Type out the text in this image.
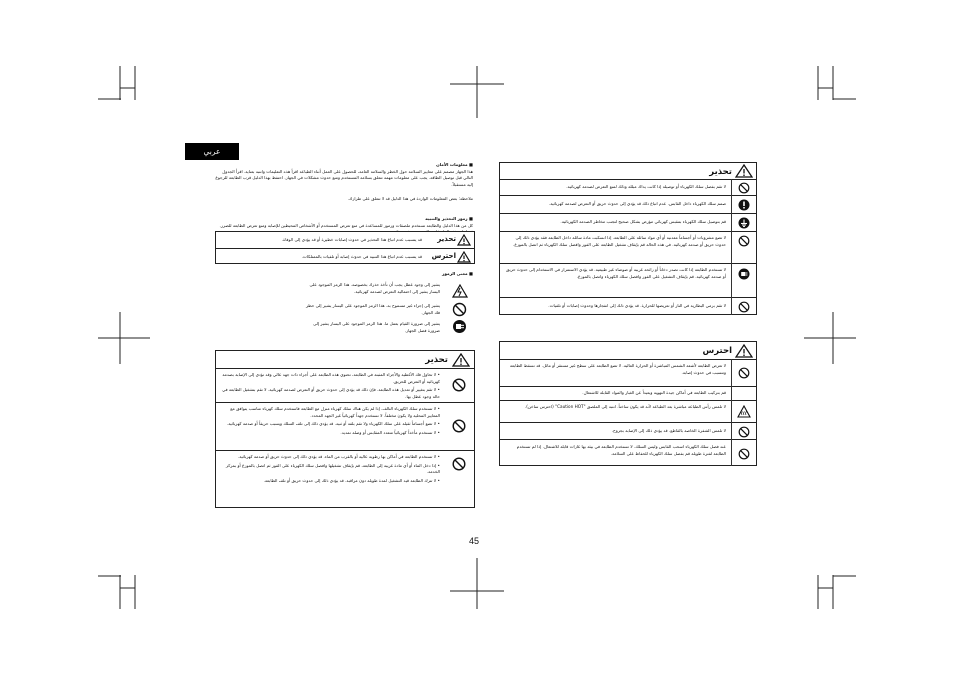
عربي
■ معلومات الأمان
هذا الجهاز مصمم على معايير السلامة حول الخطر والسلامة العامة، للحصول على العمل أثناء الطباعة اقرأ هذه التعليمات وانتبه بعناية. اقرأ الجدول التالي قبل توصيل الطاقة. يجب على معلومات مهمة تتعلق بسلامة المستخدم ومنع حدوث مشكلات في الجهاز. احتفظ بهذا الدليل قرب الطابعة للرجوع إليه مستقبلاً.
ملاحظة: بعض المعلومات الواردة في هذا الدليل قد لا تتعلق على طرازك.
■ رموز التحذير والتنبيه
كل من هذا الدليل والطابعة تستخدم ملصقات ورموز للمساعدة في منع تعرض المستخدم أو الأشخاص المحيطين للإصابة ومنع تعرض الطابعة للضرر.
قد يتسبب عدم اتباع هذا التحذير في حدوث إصابات خطيرة أو قد يؤدي إلى الوفاة. تحذير
قد يتسبب عدم اتباع هذا التنبيه في حدوث إصابة أو تلفيات بالممتلكات. احترس
■ معنى الرموز
يشير إلى وجود عطل يجب أن تأخذ حذرك بخصوصه. هذا الرمز الموجود على اليسار يشير إلى احتمالية التعرض لصدمة كهربائية.
يشير إلى إجراء غير مسموح به. هذا الرمز الموجود على اليسار يشير إلى حظر فك الجهاز.
يشير إلى ضرورة القيام بعمل ما. هذا الرمز الموجود على اليسار يشير إلى ضرورة فصل الجهاز.
تحذير
• لا تحاول فك الأغطية والأجزاء المثبتة في الطابعة، تحتوي هذه الطابعة على أجزاء ذات جهد عالي وقد تؤدي إلى الإصابة بصدمة كهربائية أو التعرض للحريق.
• لا تقم بتغيير أو تعديل هذه الطابعة. فإن ذلك قد يؤدي إلى حدوث حريق أو التعرض لصدمة كهربائية. لا تقم بتشغيل الطابعة في حالة وجود عطل بها.
• لا تستخدم سلك الكهرباء التالف. إذا لم يكن هناك سلك كهرباء منزل مع الطابعة فاستخدم سلك كهرباء مناسب يتوافق مع المعايير المحلية ولا يكون مختلفاً. لا تستخدم جهداً كهربائياً غير الجهد المحدد.
• لا تضع أجساماً ثقيلة على سلك الكهرباء ولا تقم بلفه أو ثنيه. قد يؤدي ذلك إلى تلف السلك ويسبب حريقاً أو صدمة كهربائية.
• لا تستخدم مأخذاً كهربائياً متعدد المقابس أو وصلة تمديد.
• لا تستخدم الطابعة في أماكن بها رطوبة عالية أو بالقرب من الماء. قد يؤدي ذلك إلى حدوث حريق أو صدمة كهربائية.
• إذا دخل الماء أو أي مادة غريبة إلى الطابعة، قم بإيقاف تشغيلها وافصل سلك الكهرباء على الفور ثم اتصل بالموزع أو بمركز الخدمة.
• لا تترك الطابعة قيد التشغيل لمدة طويلة دون مراقبة. قد يؤدي ذلك إلى حدوث حريق أو تلف الطابعة.
تحذير
لا تقم بفصل سلك الكهرباء أو توصيله إذا كانت يداك مبللة وذلك لمنع التعرض لصدمة كهربائية.
صمم سلك الكهرباء داخل القابس. عدم اتباع ذلك قد يؤدي إلى حدوث حريق أو التعرض لصدمة كهربائية.
قم بتوصيل سلك الكهرباء بمقبس كهربائي مؤرض بشكل صحيح لتجنب مخاطر الصدمة الكهربائية.
لا تضع مشروبات أو أجساماً معدنية أو أي مواد سائلة على الطابعة. إذا انسكبت مادة سائلة داخل الطابعة فقد يؤدي ذلك إلى حدوث حريق أو صدمة كهربائية. في هذه الحالة قم بإيقاف تشغيل الطابعة على الفور وافصل سلك الكهرباء ثم اتصل بالموزع.
لا تستخدم الطابعة إذا كانت تصدر دخاناً أو رائحة غريبة أو ضوضاء غير طبيعية. قد يؤدي الاستمرار في الاستخدام إلى حدوث حريق أو صدمة كهربائية. قم بإيقاف التشغيل على الفور وافصل سلك الكهرباء واتصل بالموزع.
لا تقم برمي البطارية في النار أو تعريضها للحرارة. قد يؤدي ذلك إلى انفجارها وحدوث إصابات أو تلفيات.
احترس
لا تعرض الطابعة لأشعة الشمس المباشرة أو الحرارة العالية. لا تضع الطابعة على سطح غير مستقر أو مائل. قد تسقط الطابعة وتتسبب في حدوث إصابة.
قم بتركيب الطابعة في أماكن جيدة التهوية وبعيداً عن الغبار والمواد القابلة للاشتعال.
لا تلمس رأس الطباعة مباشرة بعد الطباعة لأنه قد يكون ساخناً. انتبه إلى الملصق "Caution HOT" (احترس ساخن).
لا تلمس الشفرة الخاصة بالقاطع. قد يؤدي ذلك إلى الإصابة بجروح.
عند فصل سلك الكهرباء اسحب القابس وليس السلك. لا تستخدم الطابعة في بيئة بها غازات قابلة للاشتعال. إذا لم تستخدم الطابعة لفترة طويلة قم بفصل سلك الكهرباء للحفاظ على السلامة.
45
